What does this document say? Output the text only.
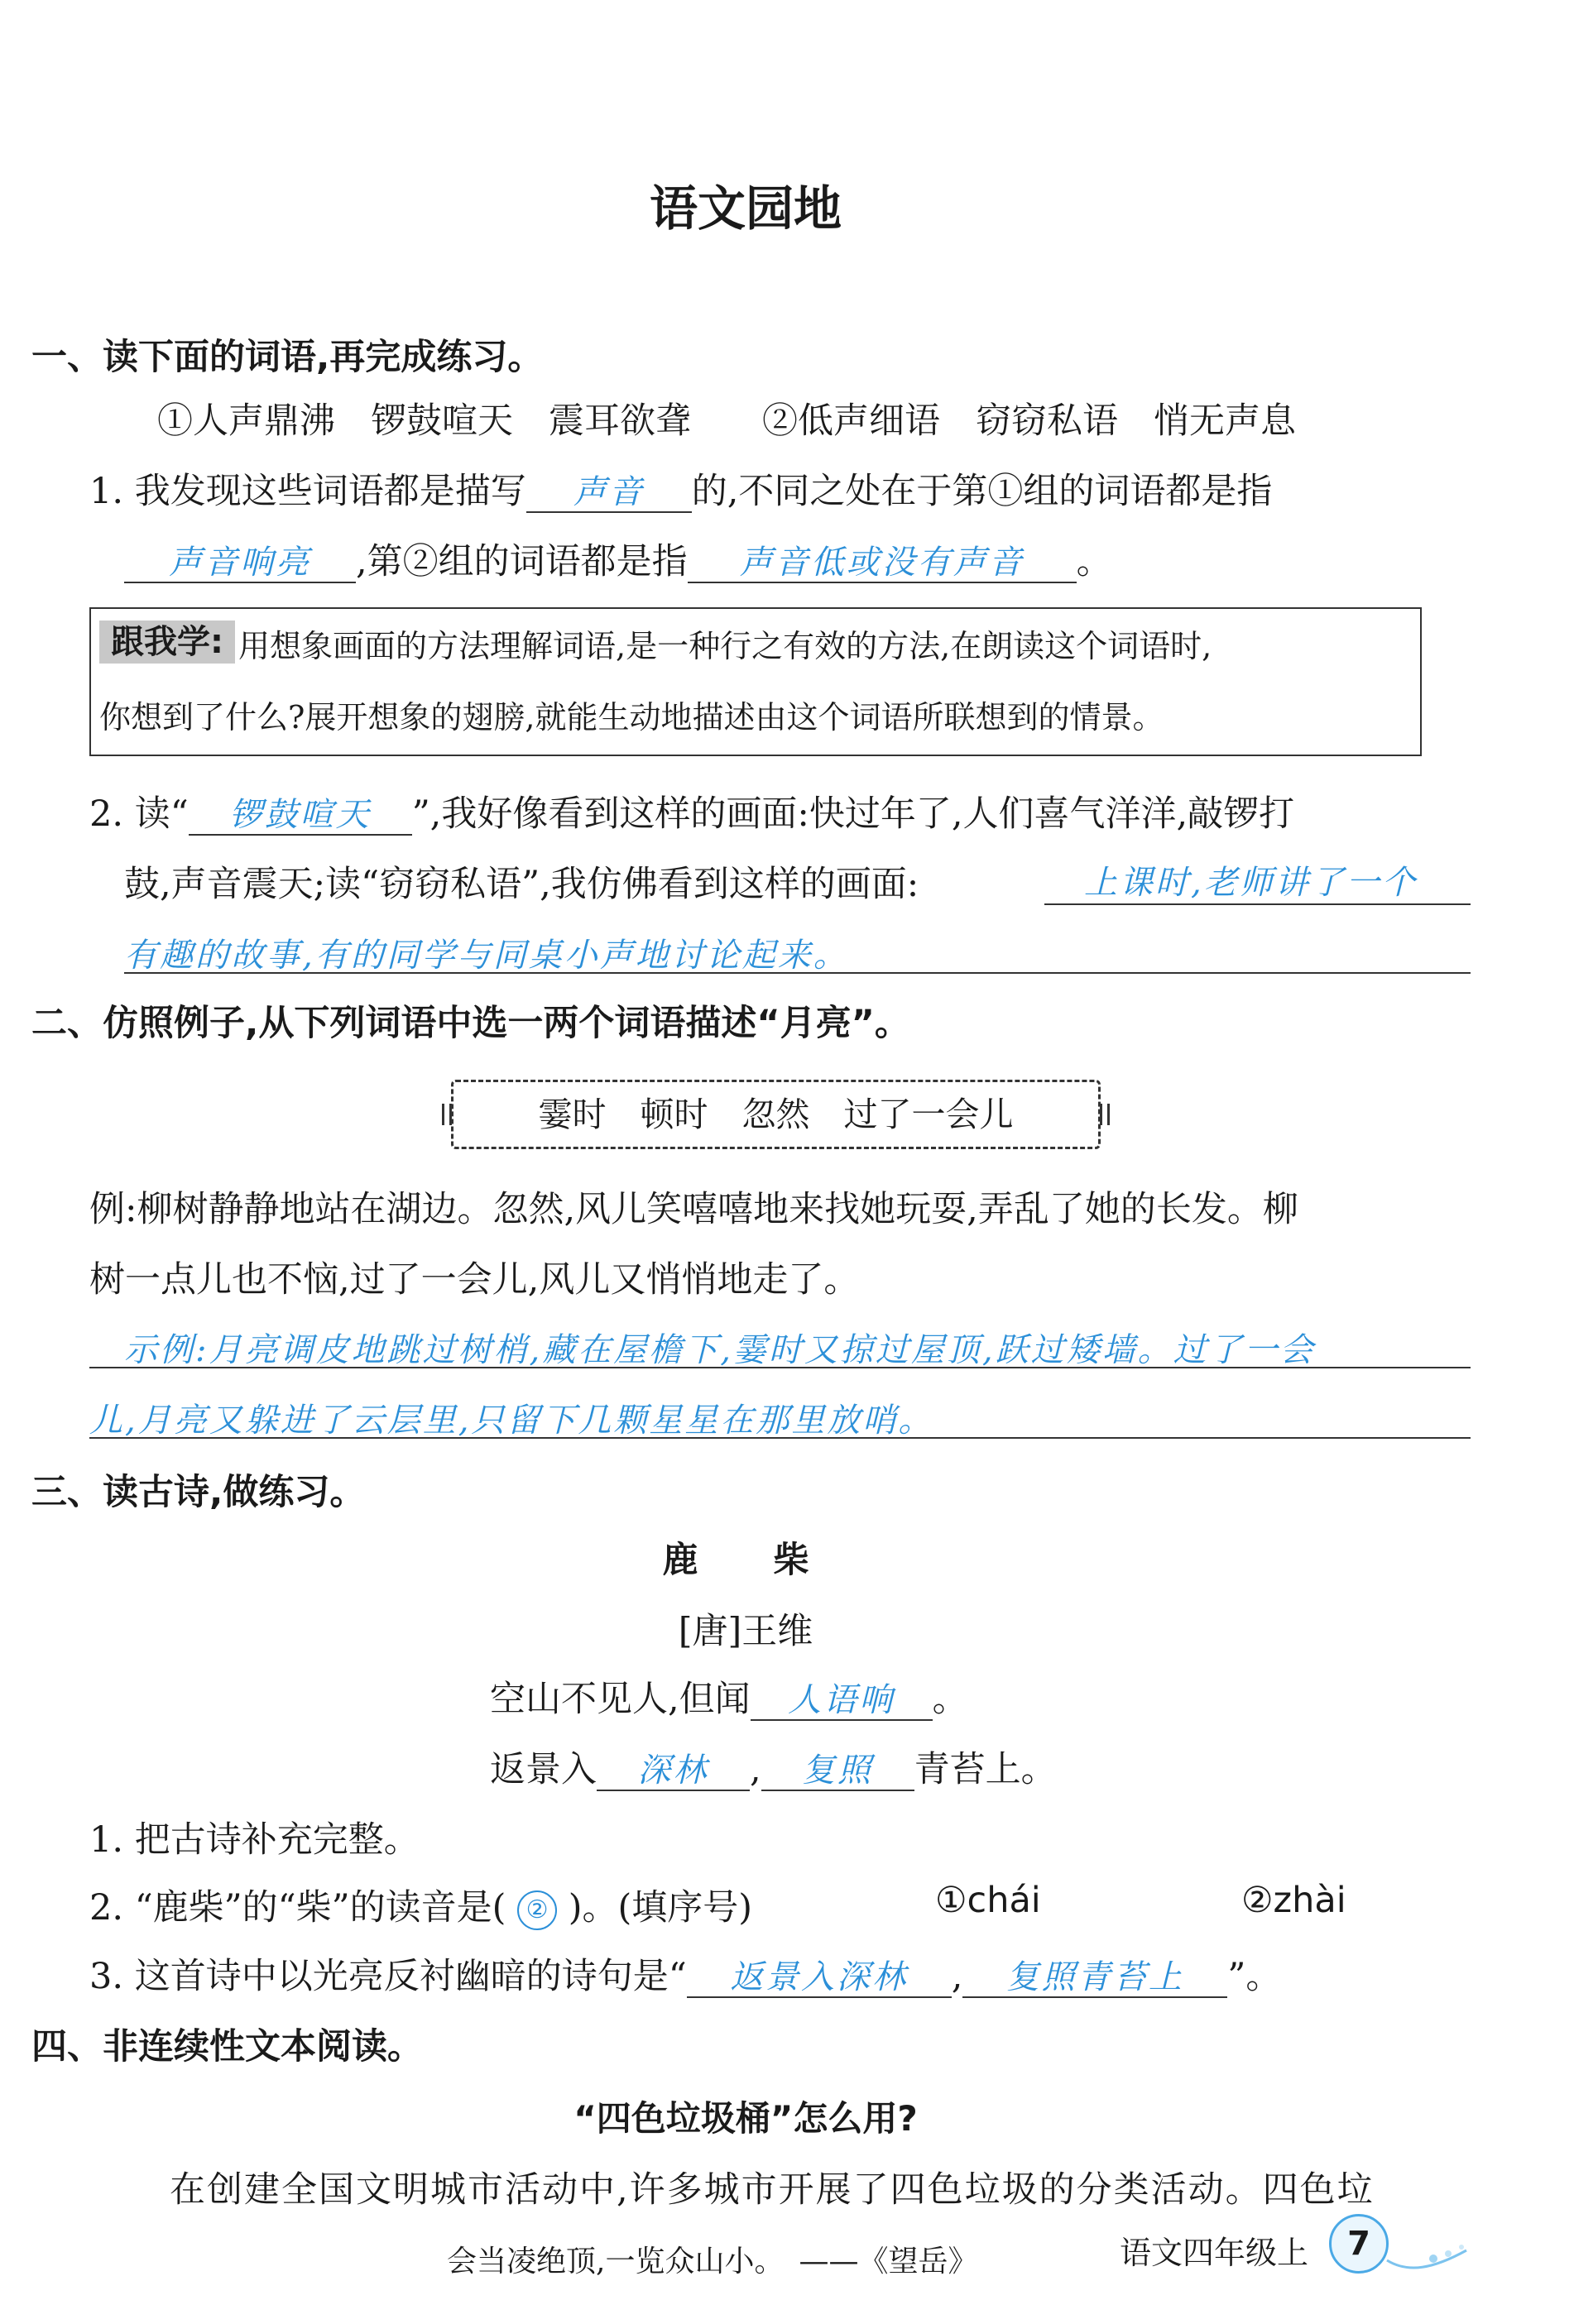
语文园地
一、读下面的词语,再完成练习。
①人声鼎沸　锣鼓喧天　震耳欲聋　　②低声细语　窃窃私语　悄无声息
1. 我发现这些词语都是描写 声音 的,不同之处在于第①组的词语都是指
声音响亮 ,第②组的词语都是指 声音低或没有声音 。
跟我学: 用想象画面的方法理解词语,是一种行之有效的方法,在朗读这个词语时,
你想到了什么?展开想象的翅膀,就能生动地描述由这个词语所联想到的情景。
2. 读“ 锣鼓喧天 ”,我好像看到这样的画面:快过年了,人们喜气洋洋,敲锣打
鼓,声音震天;读“窃窃私语”,我仿佛看到这样的画面:	上课时,老师讲了一个
有趣的故事,有的同学与同桌小声地讨论起来。
二、仿照例子,从下列词语中选一两个词语描述“月亮”。
霎时　顿时　忽然　过了一会儿
例:柳树静静地站在湖边。忽然,风儿笑嘻嘻地来找她玩耍,弄乱了她的长发。柳
树一点儿也不恼,过了一会儿,风儿又悄悄地走了。
示例:月亮调皮地跳过树梢,藏在屋檐下,霎时又掠过屋顶,跃过矮墙。过了一会
儿,月亮又躲进了云层里,只留下几颗星星在那里放哨。
三、读古诗,做练习。
鹿　柴
[唐]王维
空山不见人,但闻 人语响 。
返景入 深林 , 复照 青苔上。
1. 把古诗补充完整。
2. “鹿柴”的“柴”的读音是( ② )。(填序号)	①chái	②zhài
3. 这首诗中以光亮反衬幽暗的诗句是“ 返景入深林 , 复照青苔上 ”。
四、非连续性文本阅读。
“四色垃圾桶”怎么用?
在创建全国文明城市活动中,许多城市开展了四色垃圾的分类活动。四色垃
会当凌绝顶,一览众山小。　——《望岳》	语文四年级上	7
